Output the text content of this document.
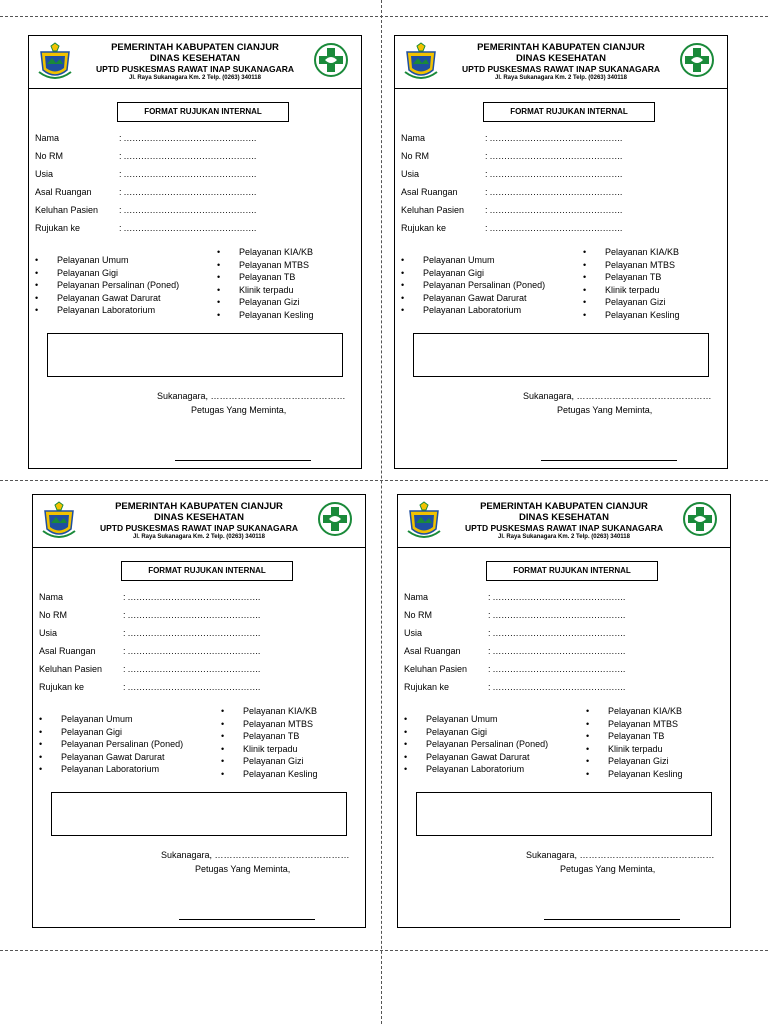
PEMERINTAH KABUPATEN CIANJUR
DINAS KESEHATAN
UPTD PUSKESMAS RAWAT INAP SUKANAGARA
Jl. Raya Sukanagara Km. 2 Telp. (0263) 340118
FORMAT RUJUKAN INTERNAL
Nama	: ……………………………………….
No RM	: ……………………………………….
Usia	: ……………………………………….
Asal Ruangan	: ……………………………………….
Keluhan Pasien : ……………………………………….
Rujukan ke	: ……………………………………….
• Pelayanan Umum
• Pelayanan Gigi
• Pelayanan Persalinan (Poned)
• Pelayanan Gawat Darurat
• Pelayanan Laboratorium
• Pelayanan KIA/KB
• Pelayanan MTBS
• Pelayanan TB
• Klinik terpadu
• Pelayanan Gizi
• Pelayanan Kesling
Sukanagara, ………………………………………
Petugas Yang Meminta,
PEMERINTAH KABUPATEN CIANJUR
DINAS KESEHATAN
UPTD PUSKESMAS RAWAT INAP SUKANAGARA
Jl. Raya Sukanagara Km. 2 Telp. (0263) 340118
FORMAT RUJUKAN INTERNAL
Nama	: ……………………………………….
No RM	: ……………………………………….
Usia	: ……………………………………….
Asal Ruangan	: ……………………………………….
Keluhan Pasien : ……………………………………….
Rujukan ke	: ……………………………………….
• Pelayanan Umum
• Pelayanan Gigi
• Pelayanan Persalinan (Poned)
• Pelayanan Gawat Darurat
• Pelayanan Laboratorium
• Pelayanan KIA/KB
• Pelayanan MTBS
• Pelayanan TB
• Klinik terpadu
• Pelayanan Gizi
• Pelayanan Kesling
Sukanagara, ………………………………………
Petugas Yang Meminta,
PEMERINTAH KABUPATEN CIANJUR
DINAS KESEHATAN
UPTD PUSKESMAS RAWAT INAP SUKANAGARA
Jl. Raya Sukanagara Km. 2 Telp. (0263) 340118
FORMAT RUJUKAN INTERNAL
Nama	: ……………………………………….
No RM	: ……………………………………….
Usia	: ……………………………………….
Asal Ruangan	: ……………………………………….
Keluhan Pasien : ……………………………………….
Rujukan ke	: ……………………………………….
• Pelayanan Umum
• Pelayanan Gigi
• Pelayanan Persalinan (Poned)
• Pelayanan Gawat Darurat
• Pelayanan Laboratorium
• Pelayanan KIA/KB
• Pelayanan MTBS
• Pelayanan TB
• Klinik terpadu
• Pelayanan Gizi
• Pelayanan Kesling
Sukanagara, ………………………………………
Petugas Yang Meminta,
PEMERINTAH KABUPATEN CIANJUR
DINAS KESEHATAN
UPTD PUSKESMAS RAWAT INAP SUKANAGARA
Jl. Raya Sukanagara Km. 2 Telp. (0263) 340118
FORMAT RUJUKAN INTERNAL
Nama	: ……………………………………….
No RM	: ……………………………………….
Usia	: ……………………………………….
Asal Ruangan	: ……………………………………….
Keluhan Pasien : ……………………………………….
Rujukan ke	: ……………………………………….
• Pelayanan Umum
• Pelayanan Gigi
• Pelayanan Persalinan (Poned)
• Pelayanan Gawat Darurat
• Pelayanan Laboratorium
• Pelayanan KIA/KB
• Pelayanan MTBS
• Pelayanan TB
• Klinik terpadu
• Pelayanan Gizi
• Pelayanan Kesling
Sukanagara, ………………………………………
Petugas Yang Meminta,
